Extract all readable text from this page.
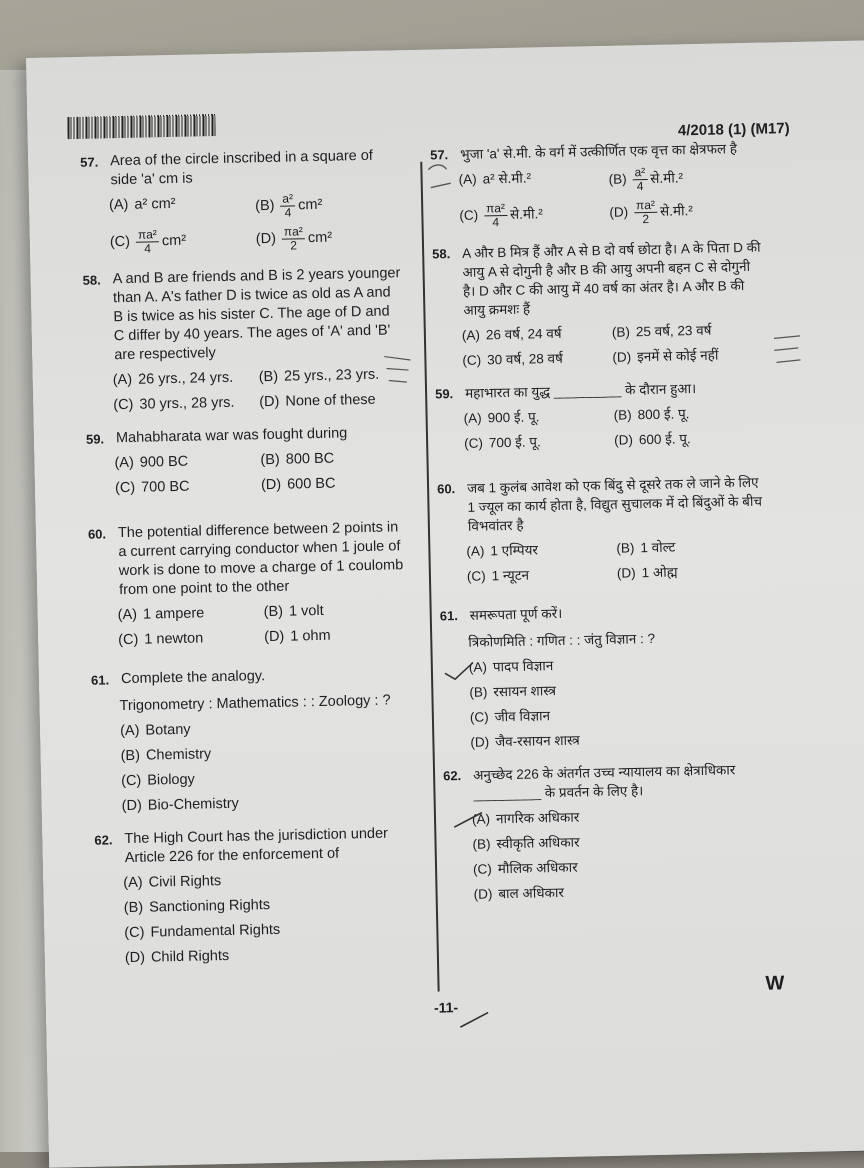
4/2018 (1) (M17)
57. Area of the circle inscribed in a square of side 'a' cm is
(A) a² cm²	$(B) \frac{\text{a²}}{4} cm^2$
$(C) \frac{\text{πa²}}{4} cm^2$	$(D) \frac{\text{πa²}}{2} cm^2$
58. A and B are friends and B is 2 years younger than A. A's father D is twice as old as A and B is twice as his sister C. The age of D and C differ by 40 years. The ages of 'A' and 'B' are respectively
(A) 26 yrs., 24 yrs.	(B) 25 yrs., 23 yrs.
(C) 30 yrs., 28 yrs.	(D) None of these
59. Mahabharata war was fought during
(A) 900 BC	(B) 800 BC
(C) 700 BC	(D) 600 BC
60. The potential difference between 2 points in a current carrying conductor when 1 joule of work is done to move a charge of 1 coulomb from one point to the other
(A) 1 ampere	(B) 1 volt
(C) 1 newton	(D) 1 ohm
61. Complete the analogy.
Trigonometry : Mathematics : : Zoology : ?
(A) Botany
(B) Chemistry
(C) Biology
(D) Bio-Chemistry
62. The High Court has the jurisdiction under Article 226 for the enforcement of
(A) Civil Rights
(B) Sanctioning Rights
(C) Fundamental Rights
(D) Child Rights
57. भुजा 'a' से.मी. के वर्ग में उत्कीर्णित एक वृत्त का क्षेत्रफल है
(A) a² से.मी.²	$(B) \frac{\text{a²}}{4}$ से.मी.²
$(C) \frac{\text{πa²}}{4}$ से.मी.²	$(D) \frac{\text{πa²}}{2}$ से.मी.²
58. A और B मित्र हैं और A से B दो वर्ष छोटा है। A के पिता D की आयु A से दोगुनी है और B की आयु अपनी बहन C से दोगुनी है। D और C की आयु में 40 वर्ष का अंतर है। A और B की आयु क्रमशः हैं
(A) 26 वर्ष, 24 वर्ष	(B) 25 वर्ष, 23 वर्ष
(C) 30 वर्ष, 28 वर्ष	(D) इनमें से कोई नहीं
59. महाभारत का युद्ध _________ के दौरान हुआ।
(A) 900 ई. पू.	(B) 800 ई. पू.
(C) 700 ई. पू.	(D) 600 ई. पू.
60. जब 1 कुलंब आवेश को एक बिंदु से दूसरे तक ले जाने के लिए 1 ज्यूल का कार्य होता है, विद्युत सुचालक में दो बिंदुओं के बीच विभवांतर है
(A) 1 एम्पियर	(B) 1 वोल्ट
(C) 1 न्यूटन	(D) 1 ओह्म
61. समरूपता पूर्ण करें।
त्रिकोणमिति : गणित : : जंतु विज्ञान : ?
(A) पादप विज्ञान
(B) रसायन शास्त्र
(C) जीव विज्ञान
(D) जैव-रसायन शास्त्र
62. अनुच्छेद 226 के अंतर्गत उच्च न्यायालय का क्षेत्राधिकार _________ के प्रवर्तन के लिए है।
(A) नागरिक अधिकार
(B) स्वीकृति अधिकार
(C) मौलिक अधिकार
(D) बाल अधिकार
-11-
W
